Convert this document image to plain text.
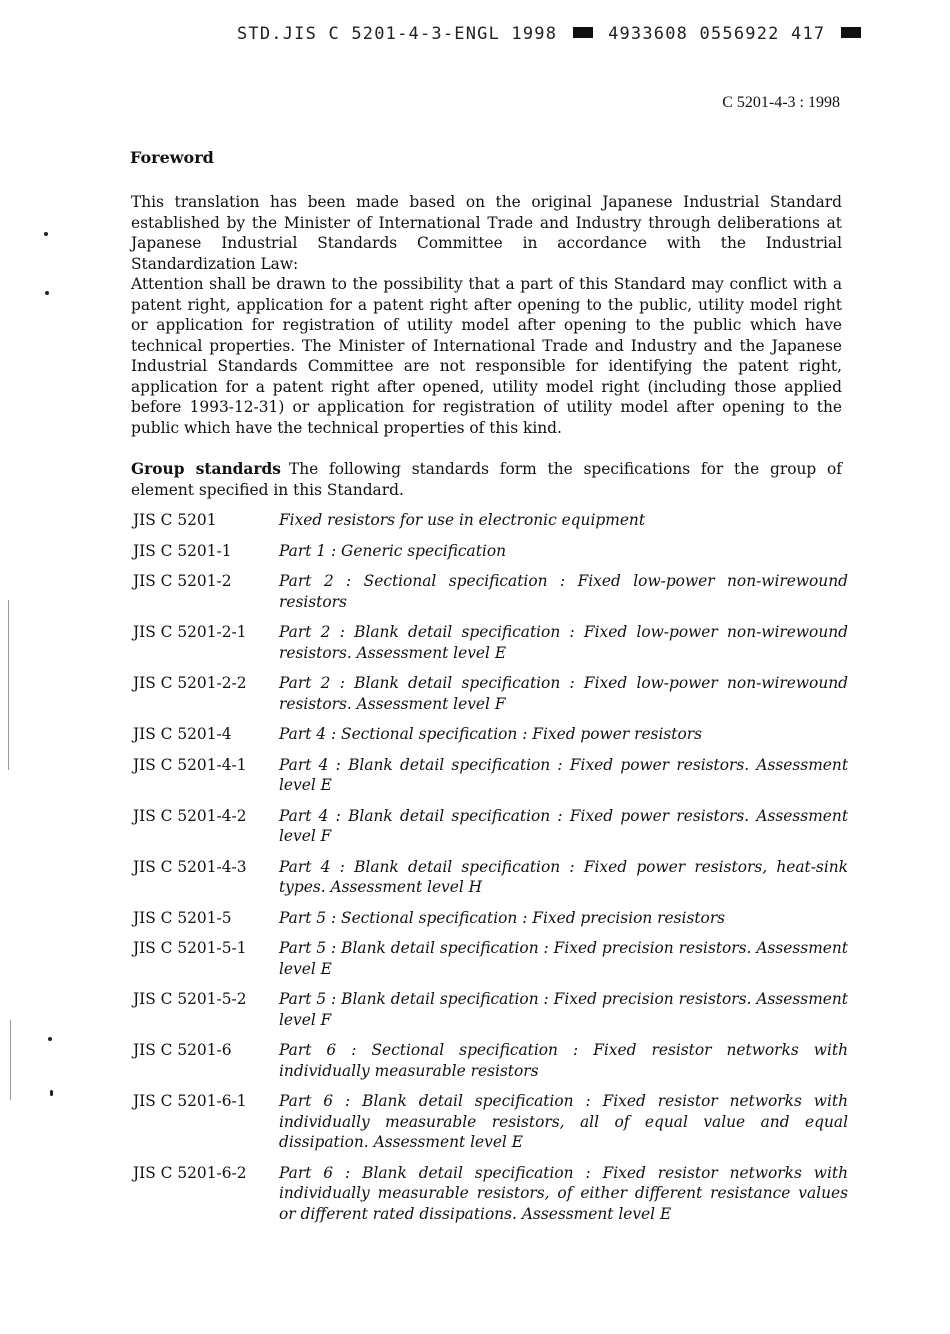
STD.JIS C 5201-4-3-ENGL 1998	4933608 0556922 417
C 5201-4-3 : 1998
Foreword

This translation has been made based on the original Japanese Industrial Standard established by the Minister of International Trade and Industry through deliberations at Japanese Industrial Standards Committee in accordance with the Industrial Standardization Law:

Attention shall be drawn to the possibility that a part of this Standard may conflict with a patent right, application for a patent right after opening to the public, utility model right or application for registration of utility model after opening to the public which have technical properties. The Minister of International Trade and Industry and the Japanese Industrial Standards Committee are not responsible for identifying the patent right, application for a patent right after opened, utility model right (including those applied before 1993-12-31) or application for registration of utility model after opening to the public which have the technical properties of this kind.

Group standards The following standards form the specifications for the group of element specified in this Standard.
JIS C 5201	Fixed resistors for use in electronic equipment
JIS C 5201-1	Part 1 : Generic specification
JIS C 5201-2	Part 2 : Sectional specification : Fixed low-power non-wirewound resistors
JIS C 5201-2-1	Part 2 : Blank detail specification : Fixed low-power non-wirewound resistors. Assessment level E
JIS C 5201-2-2	Part 2 : Blank detail specification : Fixed low-power non-wirewound resistors. Assessment level F
JIS C 5201-4	Part 4 : Sectional specification : Fixed power resistors
JIS C 5201-4-1	Part 4 : Blank detail specification : Fixed power resistors. Assessment level E
JIS C 5201-4-2	Part 4 : Blank detail specification : Fixed power resistors. Assessment level F
JIS C 5201-4-3	Part 4 : Blank detail specification : Fixed power resistors, heat-sink types. Assessment level H
JIS C 5201-5	Part 5 : Sectional specification : Fixed precision resistors
JIS C 5201-5-1	Part 5 : Blank detail specification : Fixed precision resistors. Assessment level E
JIS C 5201-5-2	Part 5 : Blank detail specification : Fixed precision resistors. Assessment level F
JIS C 5201-6	Part 6 : Sectional specification : Fixed resistor networks with individually measurable resistors
JIS C 5201-6-1	Part 6 : Blank detail specification : Fixed resistor networks with individually measurable resistors, all of equal value and equal dissipation. Assessment level E
JIS C 5201-6-2	Part 6 : Blank detail specification : Fixed resistor networks with individually measurable resistors, of either different resistance values or different rated dissipations. Assessment level E
